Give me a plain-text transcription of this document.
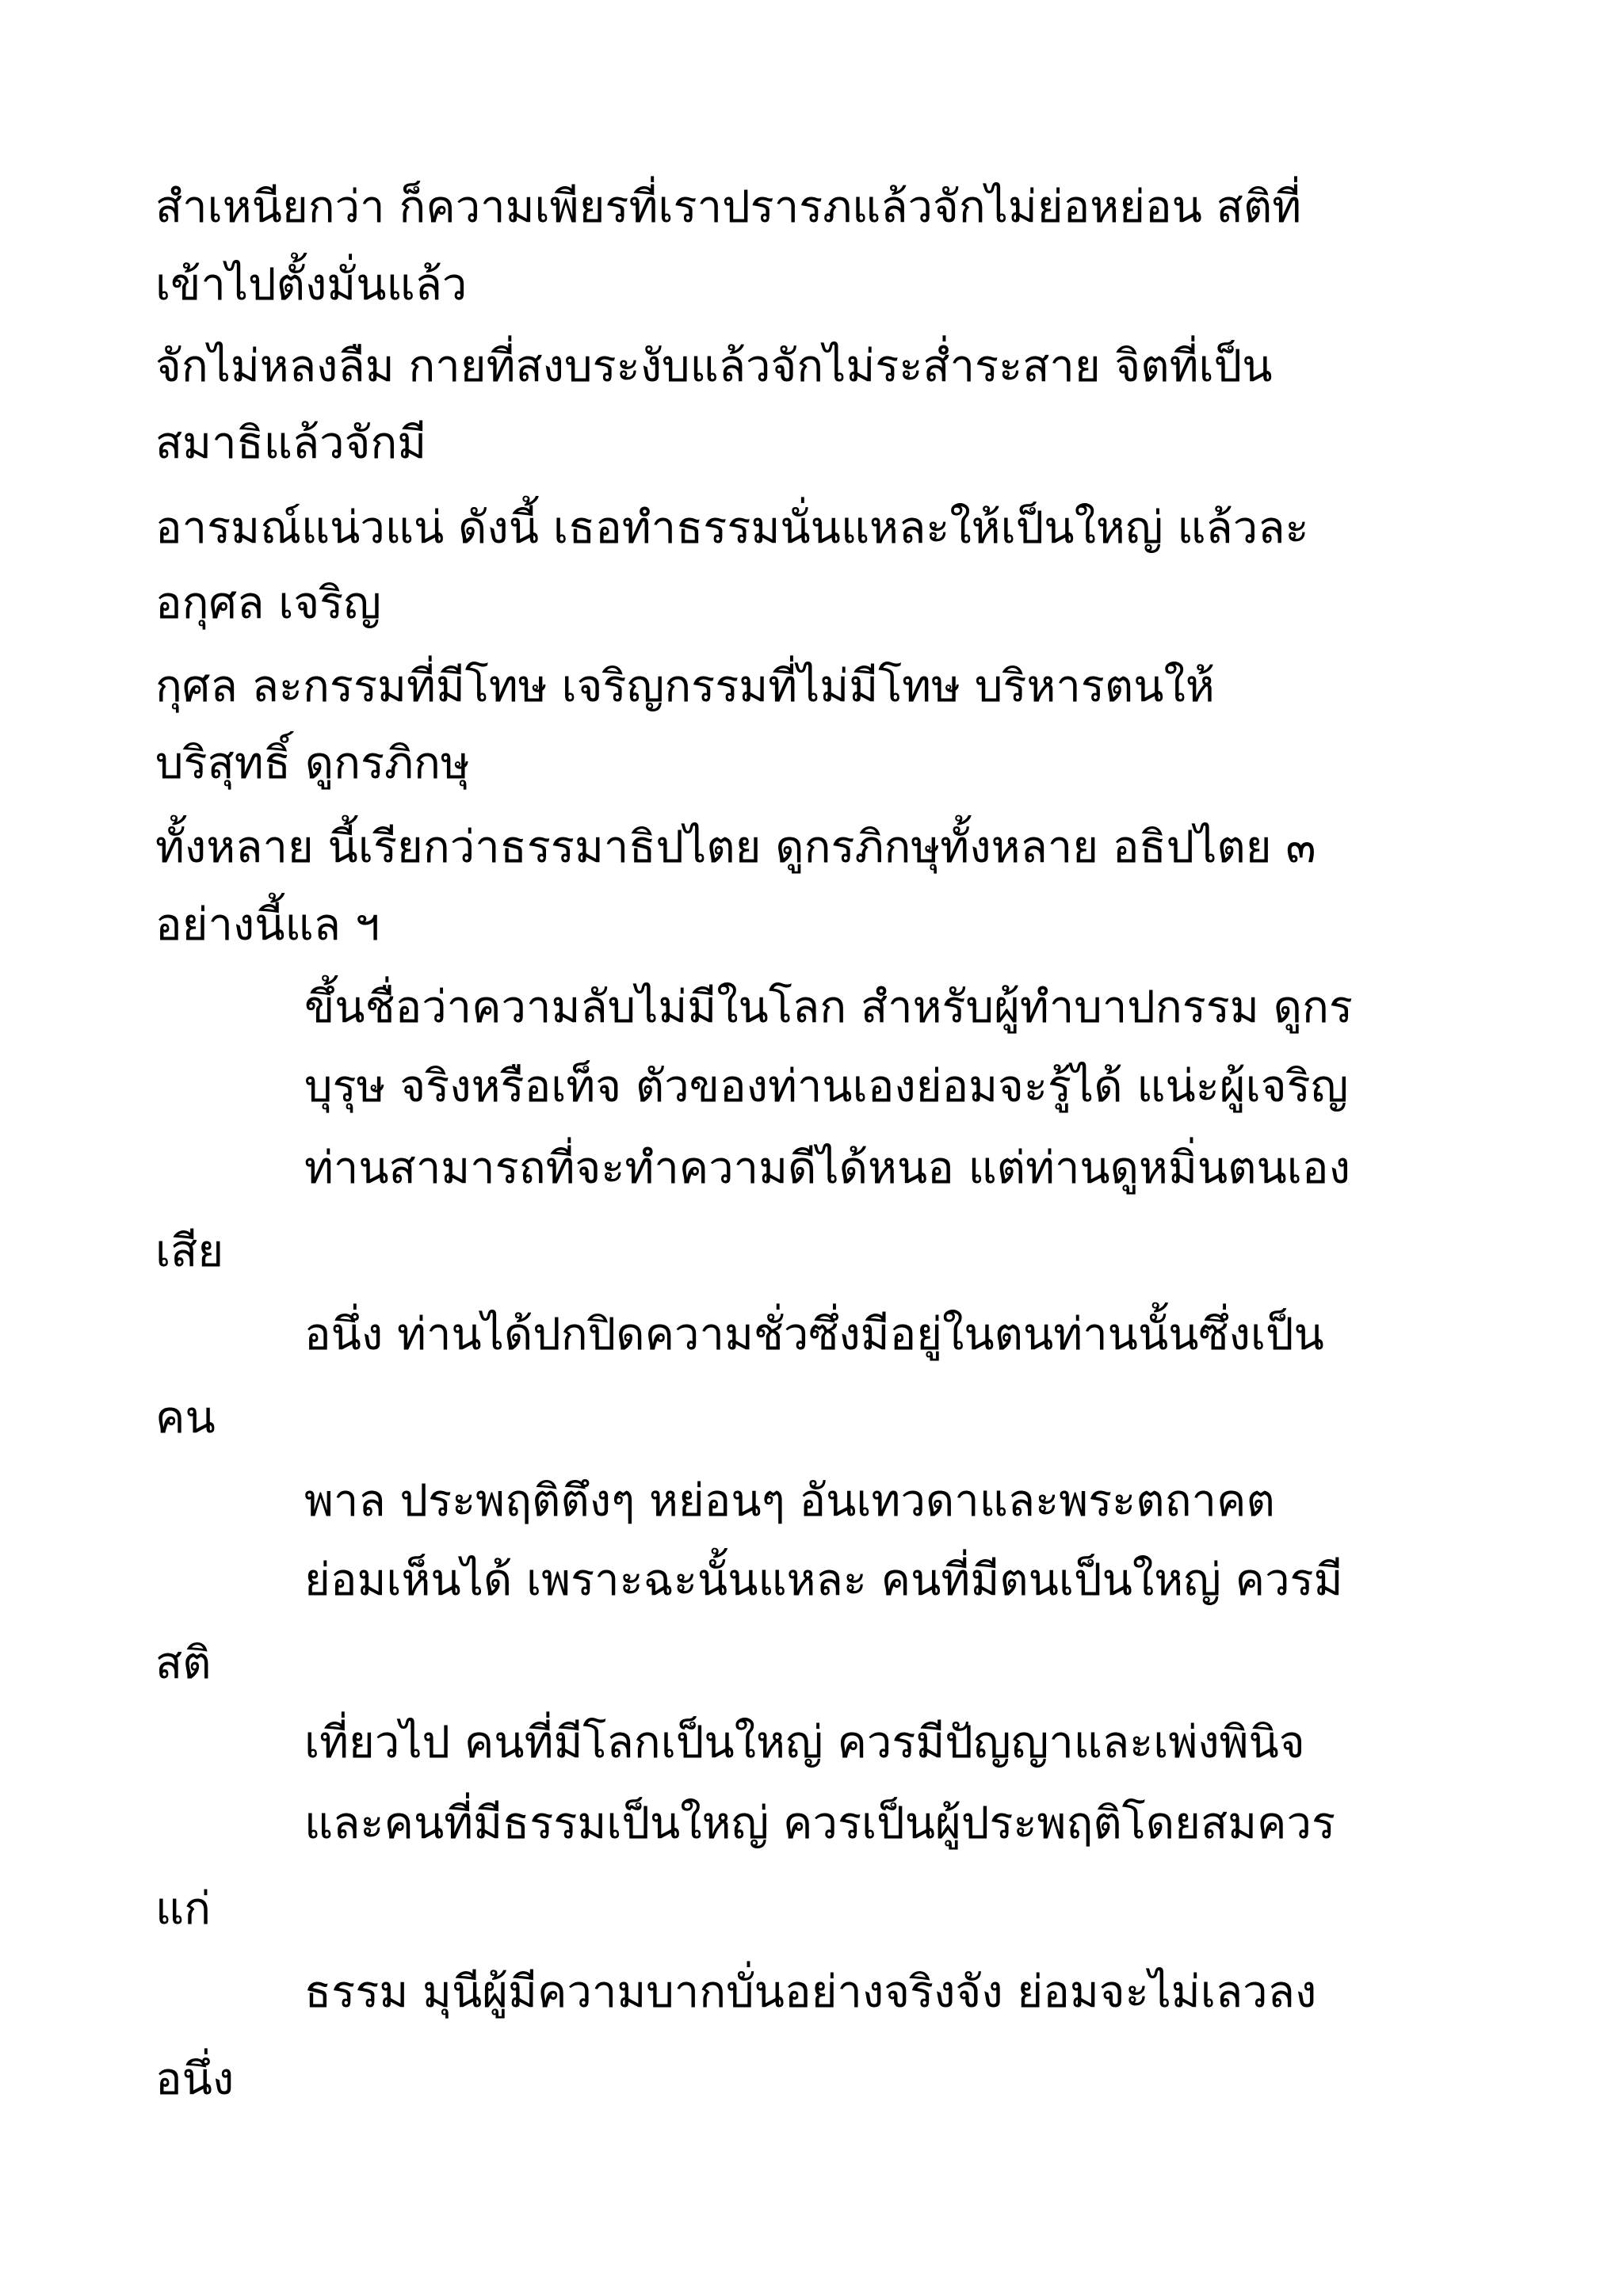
สำเหนียกว่า ก็ความเพียรที่เราปรารภแล้วจักไม่ย่อหย่อน สติที่
เข้าไปตั้งมั่นแล้ว
จักไม่หลงลืม กายที่สงบระงับแล้วจักไม่ระส่ำระสาย จิตที่เป็น
สมาธิแล้วจักมี
อารมณ์แน่วแน่ ดังนี้ เธอทำธรรมนั่นแหละให้เป็นใหญ่ แล้วละ
อกุศล เจริญ
กุศล ละกรรมที่มีโทษ เจริญกรรมที่ไม่มีโทษ บริหารตนให้
บริสุทธิ์ ดูกรภิกษุ
ทั้งหลาย นี้เรียกว่าธรรมาธิปไตย ดูกรภิกษุทั้งหลาย อธิปไตย ๓
อย่างนี้แล ฯ
ขึ้นชื่อว่าความลับไม่มีในโลก สำหรับผู้ทำบาปกรรม ดูกร
บุรุษ จริงหรือเท็จ ตัวของท่านเองย่อมจะรู้ได้ แน่ะผู้เจริญ
ท่านสามารถที่จะทำความดีได้หนอ แต่ท่านดูหมิ่นตนเอง
เสีย
อนึ่ง ท่านได้ปกปิดความชั่วซึ่งมีอยู่ในตนท่านนั้นซึ่งเป็น
คน
พาล ประพฤติตึงๆ หย่อนๆ อันเทวดาและพระตถาคต
ย่อมเห็นได้ เพราะฉะนั้นแหละ คนที่มีตนเป็นใหญ่ ควรมี
สติ
เที่ยวไป คนที่มีโลกเป็นใหญ่ ควรมีปัญญาและเพ่งพินิจ
และคนที่มีธรรมเป็นใหญ่ ควรเป็นผู้ประพฤติโดยสมควร
แก่
ธรรม มุนีผู้มีความบากบั่นอย่างจริงจัง ย่อมจะไม่เลวลง
อนึ่ง
